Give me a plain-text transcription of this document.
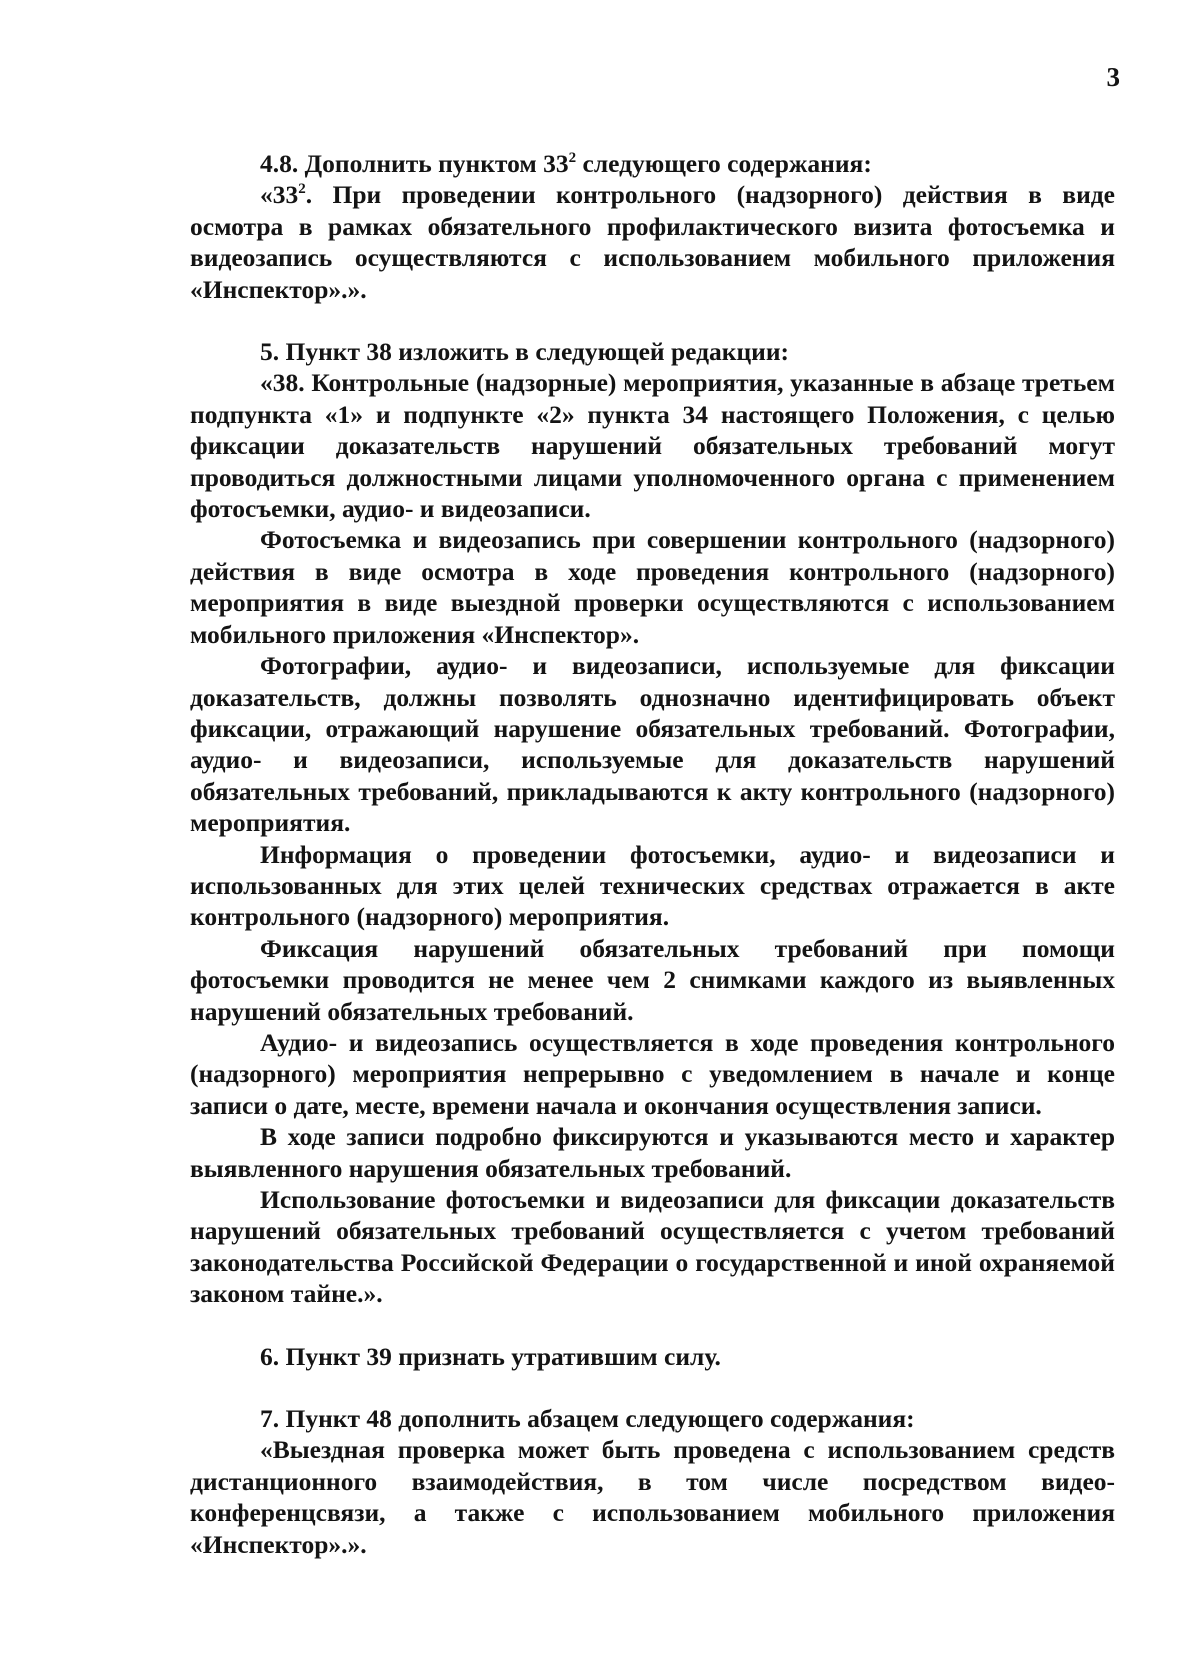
3

4.8. Дополнить пунктом $33^2$ следующего содержания:

«$33^2$. При проведении контрольного (надзорного) действия в виде осмотра в рамках обязательного профилактического визита фотосъемка и видеозапись осуществляются с использованием мобильного приложения «Инспектор».».

5. Пункт 38 изложить в следующей редакции:

«38. Контрольные (надзорные) мероприятия, указанные в абзаце третьем подпункта «1» и подпункте «2» пункта 34 настоящего Положения, с целью фиксации доказательств нарушений обязательных требований могут проводиться должностными лицами уполномоченного органа с применением фотосъемки, аудио- и видеозаписи.

Фотосъемка и видеозапись при совершении контрольного (надзорного) действия в виде осмотра в ходе проведения контрольного (надзорного) мероприятия в виде выездной проверки осуществляются с использованием мобильного приложения «Инспектор».

Фотографии, аудио- и видеозаписи, используемые для фиксации доказательств, должны позволять однозначно идентифицировать объект фиксации, отражающий нарушение обязательных требований. Фотографии, аудио- и видеозаписи, используемые для доказательств нарушений обязательных требований, прикладываются к акту контрольного (надзорного) мероприятия.

Информация о проведении фотосъемки, аудио- и видеозаписи и использованных для этих целей технических средствах отражается в акте контрольного (надзорного) мероприятия.

Фиксация нарушений обязательных требований при помощи фотосъемки проводится не менее чем 2 снимками каждого из выявленных нарушений обязательных требований.

Аудио- и видеозапись осуществляется в ходе проведения контрольного (надзорного) мероприятия непрерывно с уведомлением в начале и конце записи о дате, месте, времени начала и окончания осуществления записи.

В ходе записи подробно фиксируются и указываются место и характер выявленного нарушения обязательных требований.

Использование фотосъемки и видеозаписи для фиксации доказательств нарушений обязательных требований осуществляется с учетом требований законодательства Российской Федерации о государственной и иной охраняемой законом тайне.».

6. Пункт 39 признать утратившим силу.

7. Пункт 48 дополнить абзацем следующего содержания:

«Выездная проверка может быть проведена с использованием средств дистанционного взаимодействия, в том числе посредством видео-конференцсвязи, а также с использованием мобильного приложения «Инспектор».».
